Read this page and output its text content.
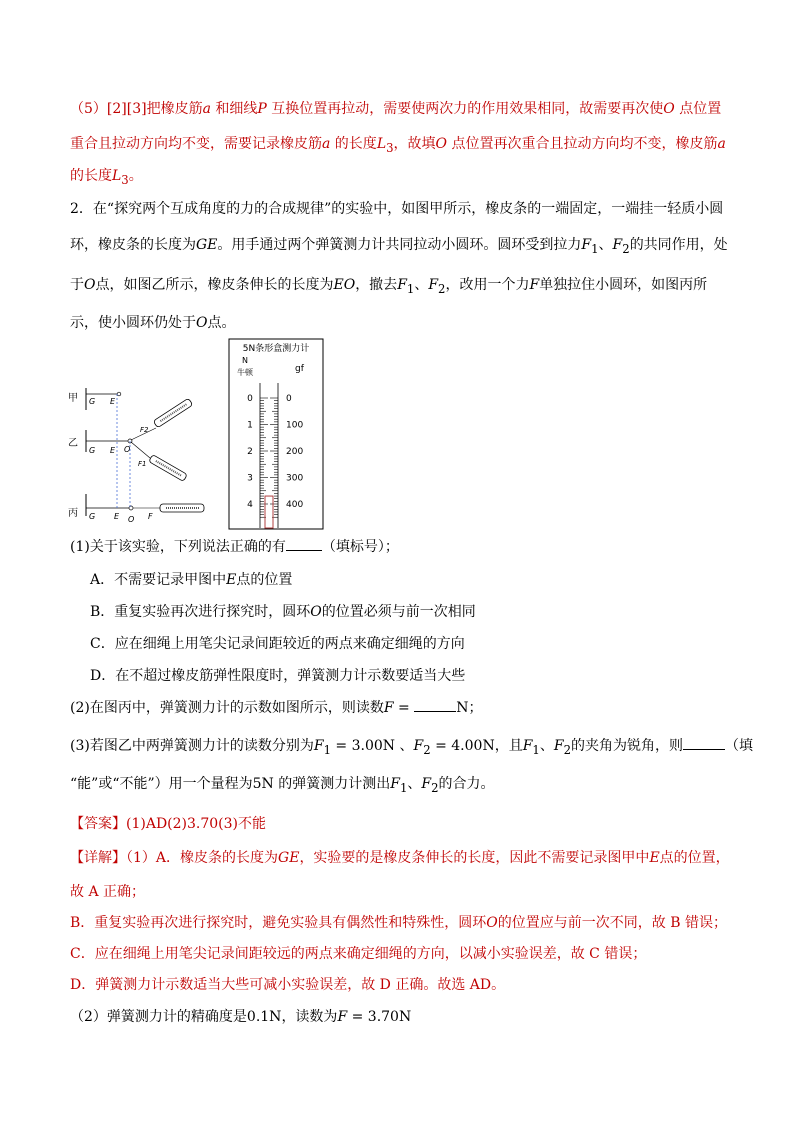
（5）[2][3]把橡皮筋a 和细线P 互换位置再拉动，需要使两次力的作用效果相同，故需要再次使O 点位置
重合且拉动方向均不变，需要记录橡皮筋a 的长度$L_3$，故填O 点位置再次重合且拉动方向均不变，橡皮筋a
的长度$L_3$。
2．在“探究两个互成角度的力的合成规律”的实验中，如图甲所示，橡皮条的一端固定，一端挂一轻质小圆
环，橡皮条的长度为GE。用手通过两个弹簧测力计共同拉动小圆环。圆环受到拉力$F_1$、$F_2$的共同作用，处
于O点，如图乙所示，橡皮条伸长的长度为EO，撤去$F_1$、$F_2$，改用一个力F单独拉住小圆环，如图丙所
示，使小圆环仍处于O点。
甲 G E
乙
G E O
F2
F1
丙 G E O F
5N条形盒测力计
N
牛顿	gf
0
1
2
3
4
0
100
200
300
400
(1)关于该实验，下列说法正确的有	（填标号）；
A．不需要记录甲图中E点的位置
B．重复实验再次进行探究时，圆环O的位置必须与前一次相同
C．应在细绳上用笔尖记录间距较近的两点来确定细绳的方向
D．在不超过橡皮筋弹性限度时，弹簧测力计示数要适当大些
(2)在图丙中，弹簧测力计的示数如图所示，则读数F =	N；
(3)若图乙中两弹簧测力计的读数分别为$F_1 = 3.00N$ 、$F_2 = 4.00N$，且$F_1$、$F_2$的夹角为锐角，则	（填
“能”或“不能”）用一个量程为5N 的弹簧测力计测出$F_1$、$F_2$的合力。
【答案】(1)AD(2)3.70(3)不能
【详解】（1）A．橡皮条的长度为GE，实验要的是橡皮条伸长的长度，因此不需要记录图甲中E点的位置，
故 A 正确；
B．重复实验再次进行探究时，避免实验具有偶然性和特殊性，圆环O的位置应与前一次不同，故 B 错误；
C．应在细绳上用笔尖记录间距较远的两点来确定细绳的方向，以减小实验误差，故 C 错误；
D．弹簧测力计示数适当大些可减小实验误差，故 D 正确。故选 AD。
（2）弹簧测力计的精确度是0.1N，读数为F = 3.70N
